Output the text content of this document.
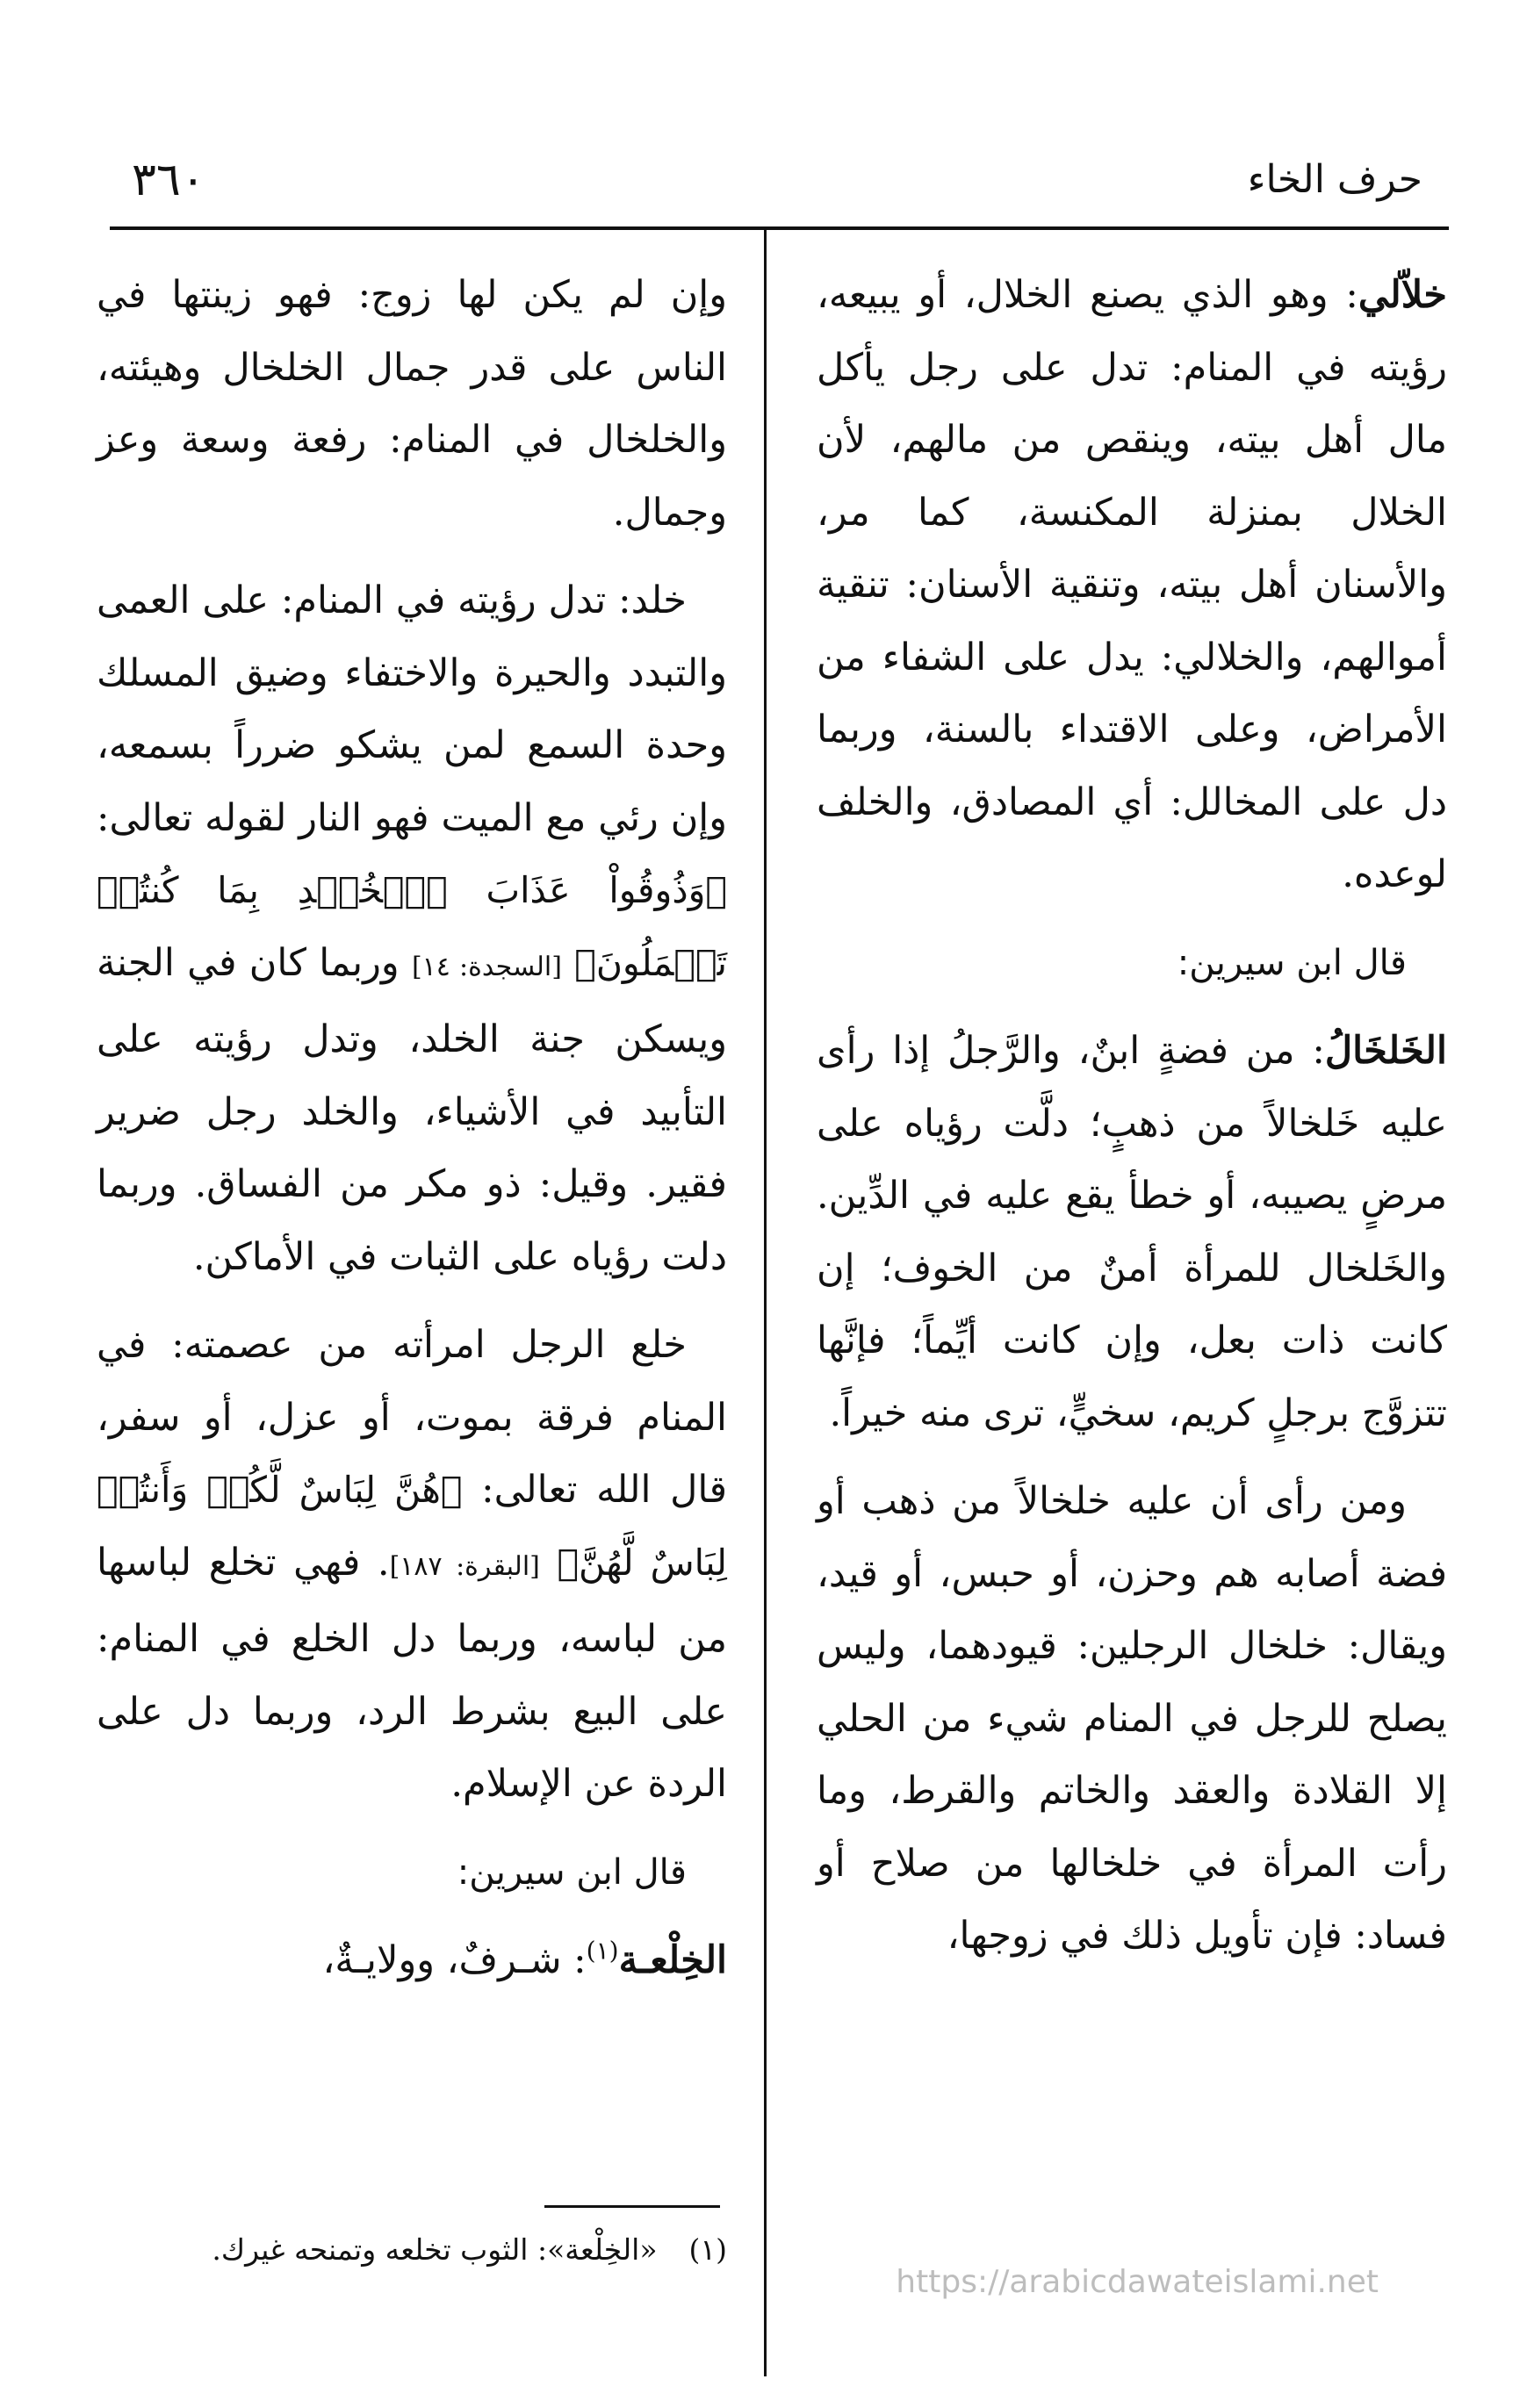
٣٦٠	حرف الخاء

خلاّلي: وهو الذي يصنع الخلال، أو يبيعه، رؤيته في المنام: تدل على رجل يأكل مال أهل بيته، وينقص من مالهم، لأن الخلال بمنزلة المكنسة، كما مر، والأسنان أهل بيته، وتنقية الأسنان: تنقية أموالهم، والخلالي: يدل على الشفاء من الأمراض، وعلى الاقتداء بالسنة، وربما دل على المخالل: أي المصادق، والخلف لوعده.

قال ابن سيرين:

الخَلخَالُ: من فضةٍ ابنٌ، والرَّجلُ إذا رأى عليه خَلخالاً من ذهبٍ؛ دلَّت رؤياه على مرضٍ يصيبه، أو خطأ يقع عليه في الدِّين. والخَلخال للمرأة أمنٌ من الخوف؛ إن كانت ذات بعل، وإن كانت أيِّماً؛ فإنَّها تتزوَّج برجلٍ كريم، سخيٍّ، ترى منه خيراً.

ومن رأى أن عليه خلخالاً من ذهب أو فضة أصابه هم وحزن، أو حبس، أو قيد، ويقال: خلخال الرجلين: قيودهما، وليس يصلح للرجل في المنام شيء من الحلي إلا القلادة والعقد والخاتم والقرط، وما رأت المرأة في خلخالها من صلاح أو فساد: فإن تأويل ذلك في زوجها،

وإن لم يكن لها زوج: فهو زينتها في الناس على قدر جمال الخلخال وهيئته، والخلخال في المنام: رفعة وسعة وعز وجمال.

خلد: تدل رؤيته في المنام: على العمى والتبدد والحيرة والاختفاء وضيق المسلك وحدة السمع لمن يشكو ضرراً بسمعه، وإن رئي مع الميت فهو النار لقوله تعالى: ﴿وَذُوقُواْ عَذَابَ ٱلۡخُلۡدِ بِمَا كُنتُمۡ تَعۡمَلُونَ﴾ [السجدة: ١٤] وربما كان في الجنة ويسكن جنة الخلد، وتدل رؤيته على التأبيد في الأشياء، والخلد رجل ضرير فقير. وقيل: ذو مكر من الفساق. وربما دلت رؤياه على الثبات في الأماكن.

خلع الرجل امرأته من عصمته: في المنام فرقة بموت، أو عزل، أو سفر، قال الله تعالى: ﴿هُنَّ لِبَاسٌ لَّكُمۡ وَأَنتُمۡ لِبَاسٌ لَّهُنَّ﴾ [البقرة: ١٨٧]. فهي تخلع لباسها من لباسه، وربما دل الخلع في المنام: على البيع بشرط الرد، وربما دل على الردة عن الإسلام.

قال ابن سيرين:

الخِلْعـة$^{(١)}$: شـرفٌ، وولايـةٌ،

(١)«الخِلْعة»: الثوب تخلعه وتمنحه غيرك.
https://arabicdawateislami.net
